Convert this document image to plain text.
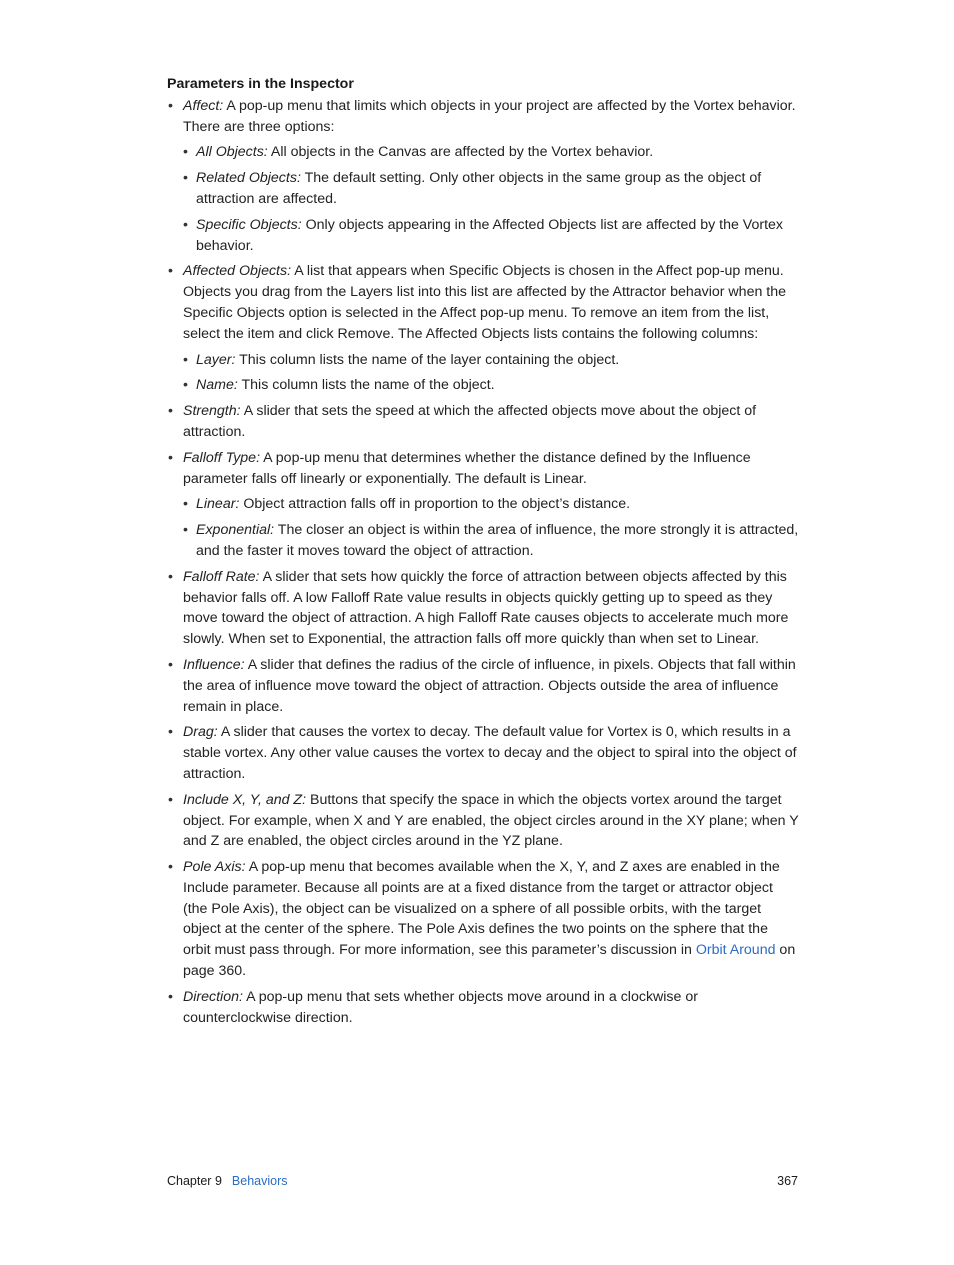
Parameters in the Inspector
• Affect: A pop-up menu that limits which objects in your project are affected by the Vortex behavior. There are three options:
• All Objects: All objects in the Canvas are affected by the Vortex behavior.
• Related Objects: The default setting. Only other objects in the same group as the object of attraction are affected.
• Specific Objects: Only objects appearing in the Affected Objects list are affected by the Vortex behavior.
• Affected Objects: A list that appears when Specific Objects is chosen in the Affect pop-up menu. Objects you drag from the Layers list into this list are affected by the Attractor behavior when the Specific Objects option is selected in the Affect pop-up menu. To remove an item from the list, select the item and click Remove. The Affected Objects lists contains the following columns:
• Layer: This column lists the name of the layer containing the object.
• Name: This column lists the name of the object.
• Strength: A slider that sets the speed at which the affected objects move about the object of attraction.
• Falloff Type: A pop-up menu that determines whether the distance defined by the Influence parameter falls off linearly or exponentially. The default is Linear.
• Linear: Object attraction falls off in proportion to the object’s distance.
• Exponential: The closer an object is within the area of influence, the more strongly it is attracted, and the faster it moves toward the object of attraction.
• Falloff Rate: A slider that sets how quickly the force of attraction between objects affected by this behavior falls off. A low Falloff Rate value results in objects quickly getting up to speed as they move toward the object of attraction. A high Falloff Rate causes objects to accelerate much more slowly. When set to Exponential, the attraction falls off more quickly than when set to Linear.
• Influence: A slider that defines the radius of the circle of influence, in pixels. Objects that fall within the area of influence move toward the object of attraction. Objects outside the area of influence remain in place.
• Drag: A slider that causes the vortex to decay. The default value for Vortex is 0, which results in a stable vortex. Any other value causes the vortex to decay and the object to spiral into the object of attraction.
• Include X, Y, and Z: Buttons that specify the space in which the objects vortex around the target object. For example, when X and Y are enabled, the object circles around in the XY plane; when Y and Z are enabled, the object circles around in the YZ plane.
• Pole Axis: A pop-up menu that becomes available when the X, Y, and Z axes are enabled in the Include parameter. Because all points are at a fixed distance from the target or attractor object (the Pole Axis), the object can be visualized on a sphere of all possible orbits, with the target object at the center of the sphere. The Pole Axis defines the two points on the sphere that the orbit must pass through. For more information, see this parameter’s discussion in Orbit Around on page 360.
• Direction: A pop-up menu that sets whether objects move around in a clockwise or counterclockwise direction.
Chapter 9 Behaviors	367
